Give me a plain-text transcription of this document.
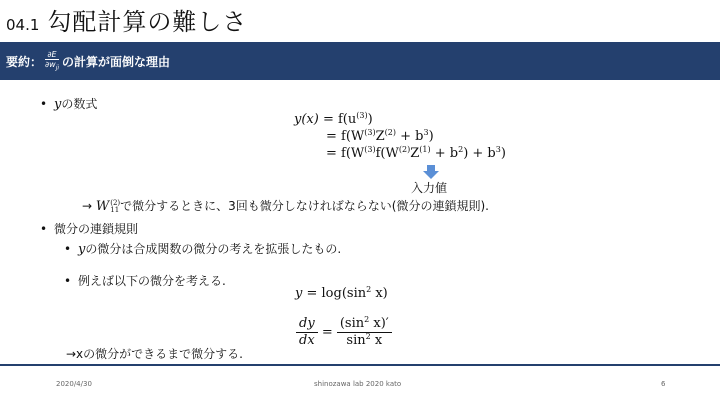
04.1 勾配計算の難しさ
要約： $\frac{\partial E}{\partial w_{ji}}$ の計算が面倒な理由
• yの数式
$y(x) = f(u^{(3)})$
= $f(W^{(3)}Z^{(2)} + b^3)$
= $f(W^{(3)}f(W^{(2)}Z^{(1)} + b^2) + b^3)$
入力値
→ W (2)
11 で微分するときに、3回も微分しなければならない(微分の連鎖規則).
• 微分の連鎖規則
• yの微分は合成関数の微分の考えを拡張したもの.
• 例えば以下の微分を考える.
$y = \log(\sin^2$ x)
$\frac{dy}{dx} = \frac{(\sin^2 x)'}{\sin^2 x}$
→xの微分ができるまで微分する.
2020/4/30	shinozawa lab 2020 kato	6
